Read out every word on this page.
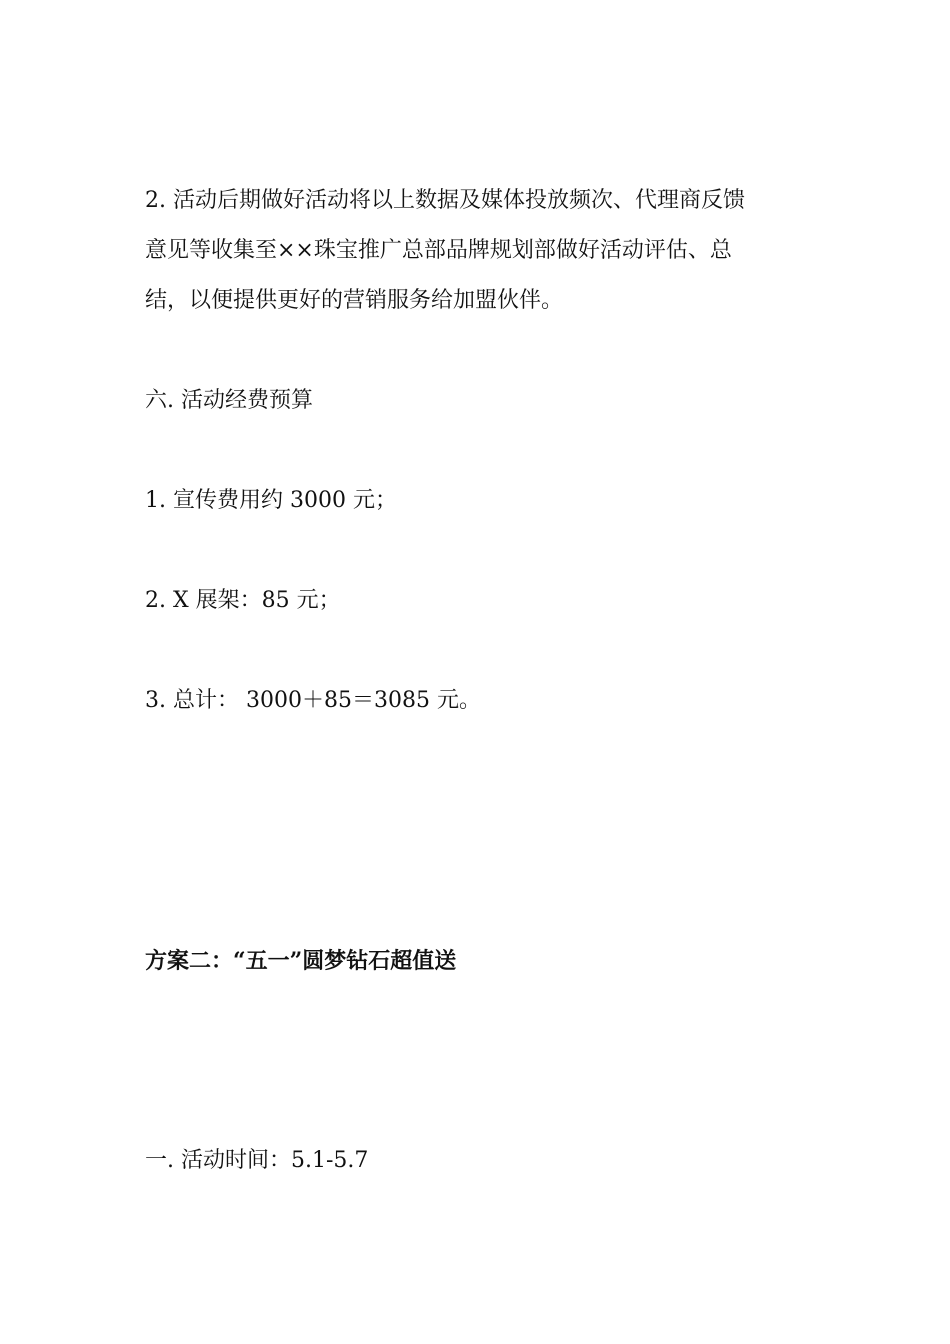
2. 活动后期做好活动将以上数据及媒体投放频次、代理商反馈

意见等收集至××珠宝推广总部品牌规划部做好活动评估、总

结，以便提供更好的营销服务给加盟伙伴。

六. 活动经费预算

1. 宣传费用约 3000 元；

2. X 展架：85 元；

3. 总计： 3000＋85＝3085 元。

方案二：“五一”圆梦钻石超值送

一. 活动时间：5.1-5.7
